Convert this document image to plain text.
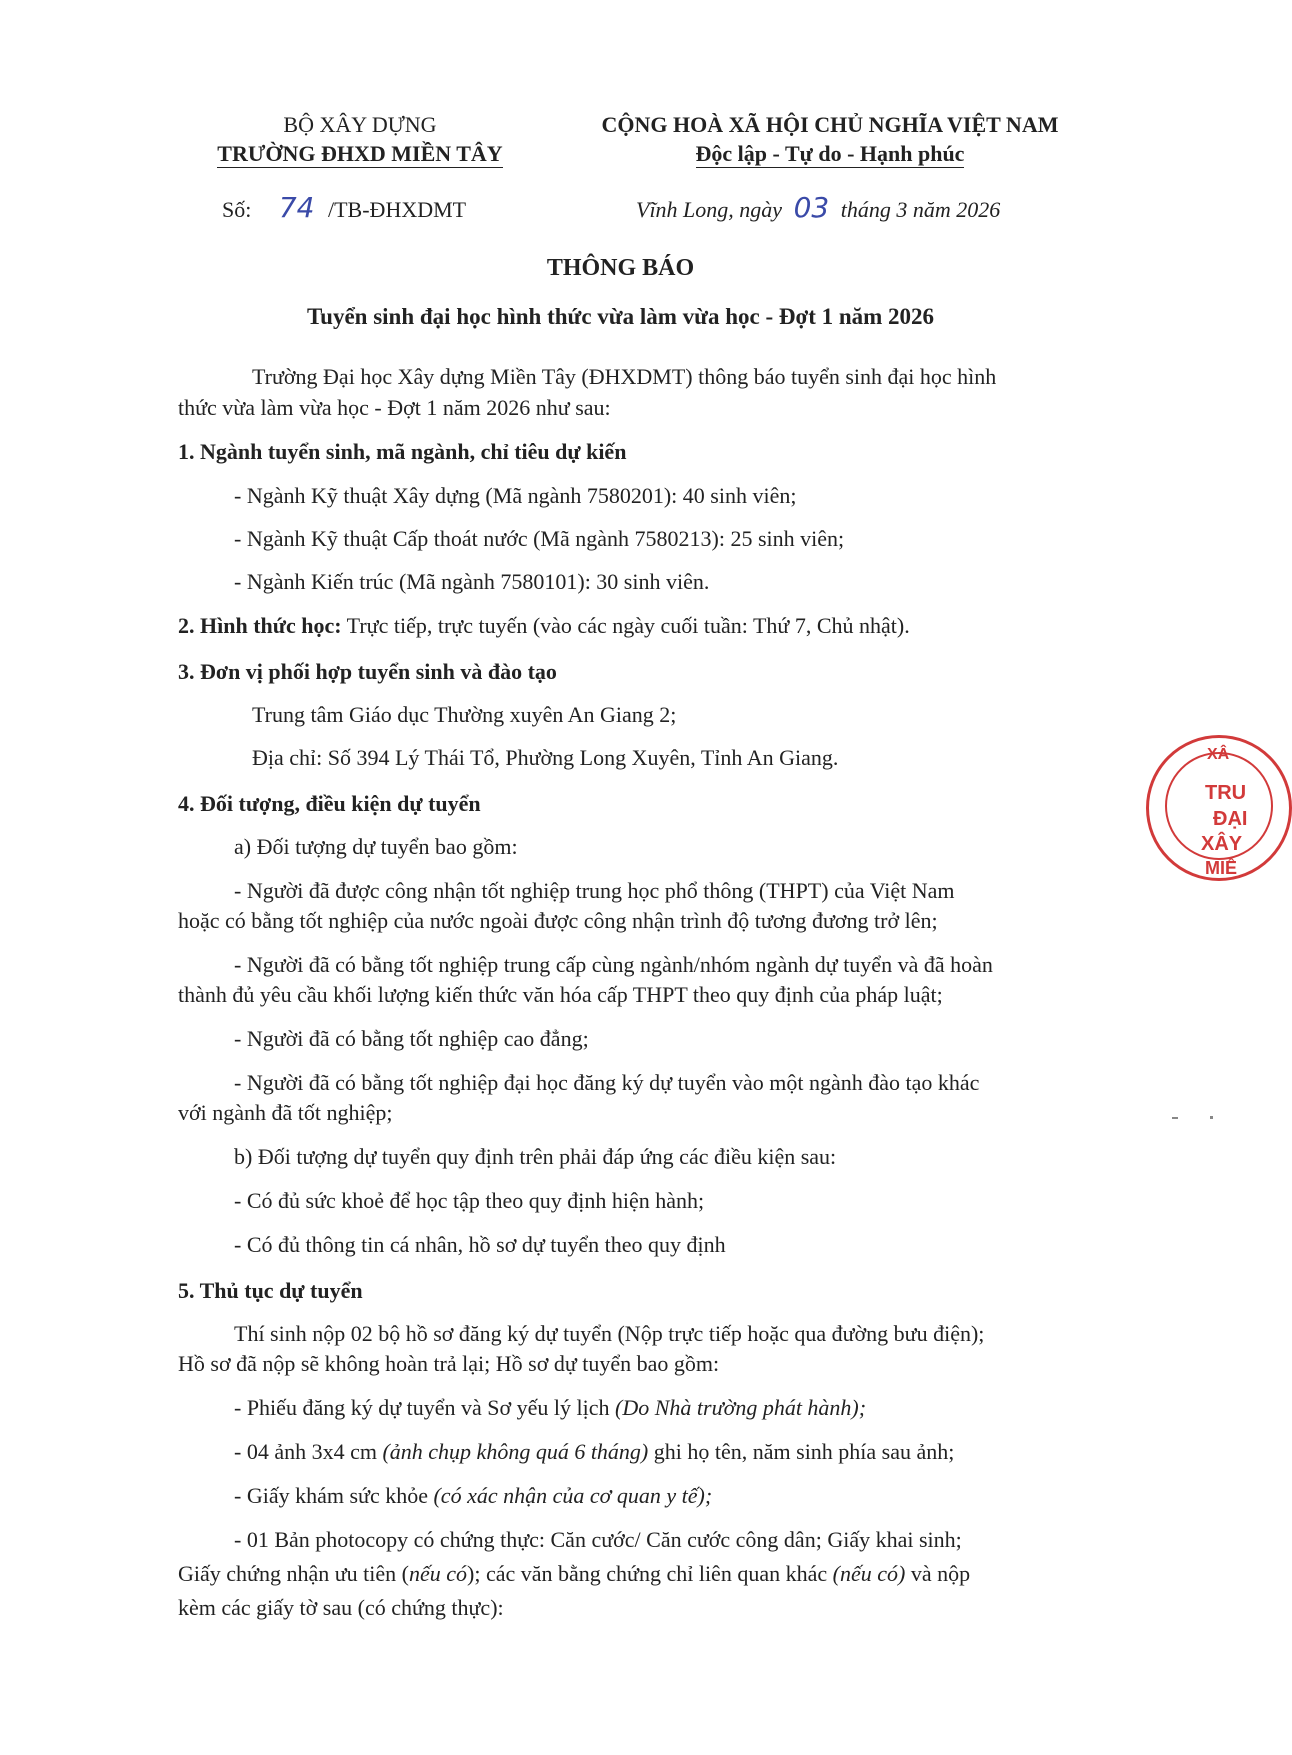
BỘ XÂY DỰNG
TRƯỜNG ĐHXD MIỀN TÂY
Số: 74 /TB-ĐHXDMT
CỘNG HOÀ XÃ HỘI CHỦ NGHĨA VIỆT NAM
Độc lập - Tự do - Hạnh phúc
Vĩnh Long, ngày 03 tháng 3 năm 2026
THÔNG BÁO
Tuyển sinh đại học hình thức vừa làm vừa học - Đợt 1 năm 2026
Trường Đại học Xây dựng Miền Tây (ĐHXDMT) thông báo tuyển sinh đại học hình
thức vừa làm vừa học - Đợt 1 năm 2026 như sau:
1. Ngành tuyển sinh, mã ngành, chỉ tiêu dự kiến
- Ngành Kỹ thuật Xây dựng (Mã ngành 7580201): 40 sinh viên;
- Ngành Kỹ thuật Cấp thoát nước (Mã ngành 7580213): 25 sinh viên;
- Ngành Kiến trúc (Mã ngành 7580101): 30 sinh viên.
2. Hình thức học: Trực tiếp, trực tuyến (vào các ngày cuối tuần: Thứ 7, Chủ nhật).
3. Đơn vị phối hợp tuyển sinh và đào tạo
Trung tâm Giáo dục Thường xuyên An Giang 2;
Địa chỉ: Số 394 Lý Thái Tổ, Phường Long Xuyên, Tỉnh An Giang.
4. Đối tượng, điều kiện dự tuyển
a) Đối tượng dự tuyển bao gồm:
- Người đã được công nhận tốt nghiệp trung học phổ thông (THPT) của Việt Nam
hoặc có bằng tốt nghiệp của nước ngoài được công nhận trình độ tương đương trở lên;
- Người đã có bằng tốt nghiệp trung cấp cùng ngành/nhóm ngành dự tuyển và đã hoàn
thành đủ yêu cầu khối lượng kiến thức văn hóa cấp THPT theo quy định của pháp luật;
- Người đã có bằng tốt nghiệp cao đẳng;
- Người đã có bằng tốt nghiệp đại học đăng ký dự tuyển vào một ngành đào tạo khác
với ngành đã tốt nghiệp;
b) Đối tượng dự tuyển quy định trên phải đáp ứng các điều kiện sau:
- Có đủ sức khoẻ để học tập theo quy định hiện hành;
- Có đủ thông tin cá nhân, hồ sơ dự tuyển theo quy định
5. Thủ tục dự tuyển
Thí sinh nộp 02 bộ hồ sơ đăng ký dự tuyển (Nộp trực tiếp hoặc qua đường bưu điện);
Hồ sơ đã nộp sẽ không hoàn trả lại; Hồ sơ dự tuyển bao gồm:
- Phiếu đăng ký dự tuyển và Sơ yếu lý lịch (Do Nhà trường phát hành);
- 04 ảnh 3x4 cm (ảnh chụp không quá 6 tháng) ghi họ tên, năm sinh phía sau ảnh;
- Giấy khám sức khỏe (có xác nhận của cơ quan y tế);
- 01 Bản photocopy có chứng thực: Căn cước/ Căn cước công dân; Giấy khai sinh;
Giấy chứng nhận ưu tiên (nếu có); các văn bằng chứng chỉ liên quan khác (nếu có) và nộp
kèm các giấy tờ sau (có chứng thực):
XÂ
TRU
ĐẠI
XÂY
MIỀ
